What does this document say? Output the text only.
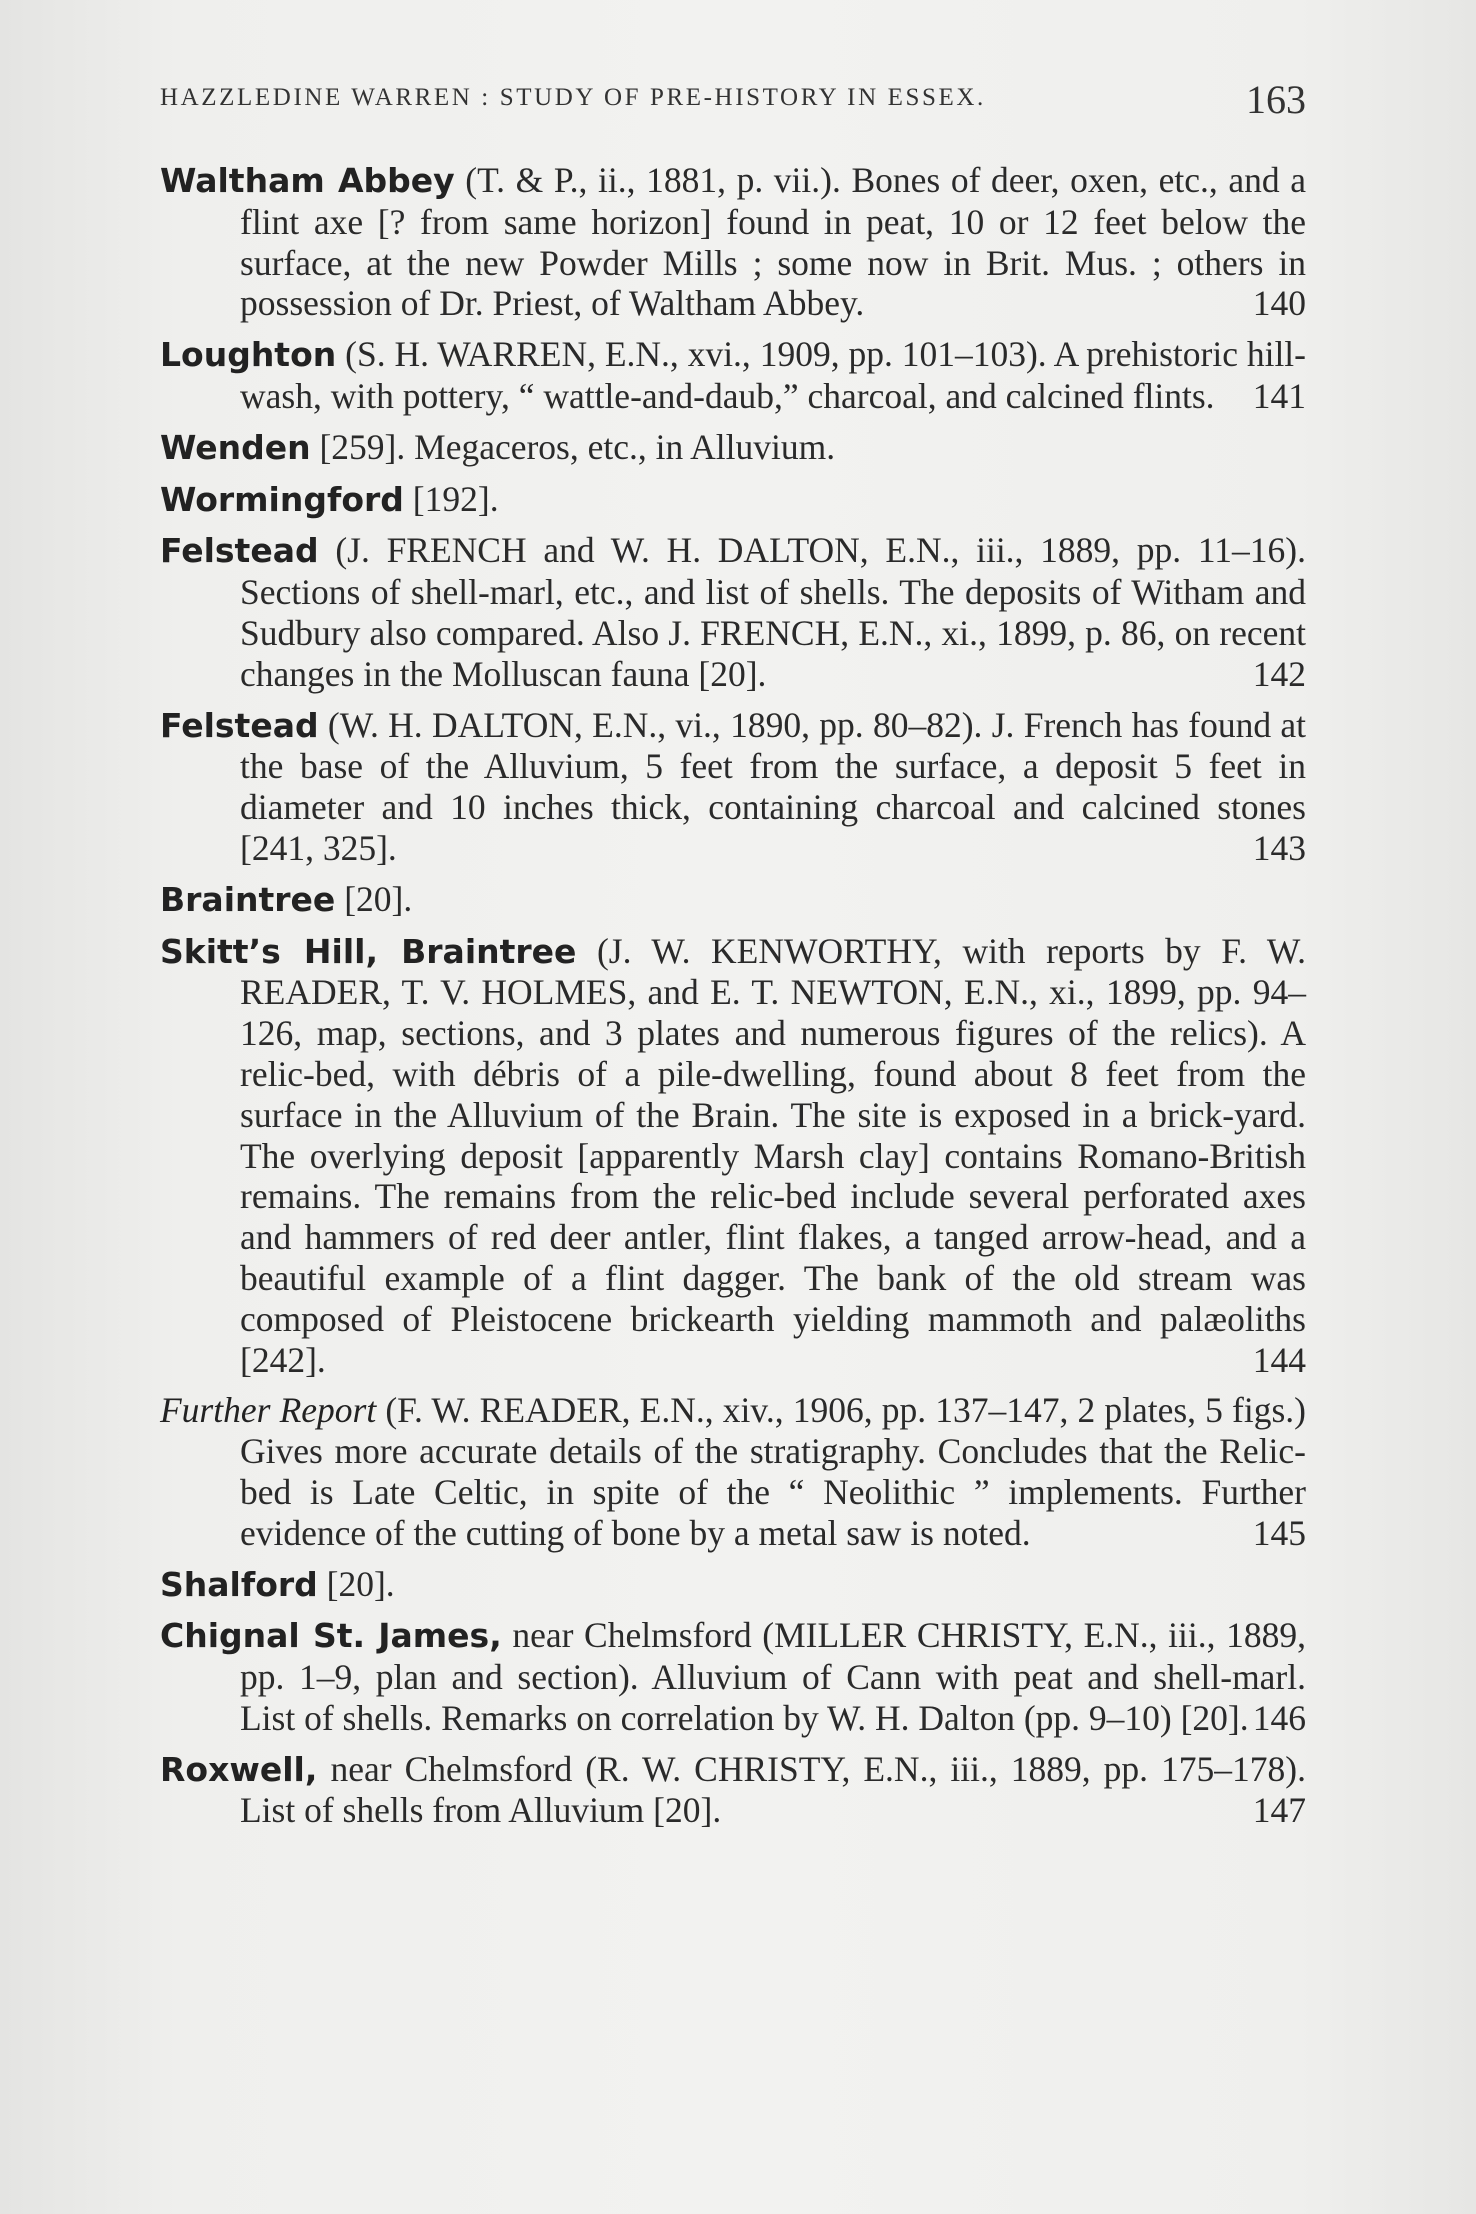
HAZZLEDINE WARREN : STUDY OF PRE-HISTORY IN ESSEX.	163
Waltham Abbey (T. & P., ii., 1881, p. vii.). Bones of deer, oxen, etc., and a flint axe [? from same horizon] found in peat, 10 or 12 feet below the surface, at the new Powder Mills ; some now in Brit. Mus. ; others in possession of Dr. Priest, of Waltham Abbey.	140
Loughton (S. H. WARREN, E.N., xvi., 1909, pp. 101–103). A prehistoric hill-wash, with pottery, “ wattle-and-daub,” charcoal, and calcined flints.	141
Wenden [259]. Megaceros, etc., in Alluvium.
Wormingford [192].
Felstead (J. FRENCH and W. H. DALTON, E.N., iii., 1889, pp. 11–16). Sections of shell-marl, etc., and list of shells. The deposits of Witham and Sudbury also compared. Also J. FRENCH, E.N., xi., 1899, p. 86, on recent changes in the Molluscan fauna [20].	142
Felstead (W. H. DALTON, E.N., vi., 1890, pp. 80–82). J. French has found at the base of the Alluvium, 5 feet from the surface, a deposit 5 feet in diameter and 10 inches thick, containing charcoal and calcined stones [241, 325].	143
Braintree [20].
Skitt’s Hill, Braintree (J. W. KENWORTHY, with reports by F. W. READER, T. V. HOLMES, and E. T. NEWTON, E.N., xi., 1899, pp. 94–126, map, sections, and 3 plates and numerous figures of the relics). A relic-bed, with débris of a pile-dwelling, found about 8 feet from the surface in the Alluvium of the Brain. The site is exposed in a brick-yard. The overlying deposit [apparently Marsh clay] contains Romano-British remains. The remains from the relic-bed include several perforated axes and hammers of red deer antler, flint flakes, a tanged arrow-head, and a beautiful example of a flint dagger. The bank of the old stream was composed of Pleistocene brickearth yielding mammoth and palæoliths [242].	144
Further Report (F. W. READER, E.N., xiv., 1906, pp. 137–147, 2 plates, 5 figs.) Gives more accurate details of the stratigraphy. Concludes that the Relic-bed is Late Celtic, in spite of the “ Neolithic ” implements. Further evidence of the cutting of bone by a metal saw is noted.	145
Shalford [20].
Chignal St. James, near Chelmsford (MILLER CHRISTY, E.N., iii., 1889, pp. 1–9, plan and section). Alluvium of Cann with peat and shell-marl. List of shells. Remarks on correlation by W. H. Dalton (pp. 9–10) [20]. 146
Roxwell, near Chelmsford (R. W. CHRISTY, E.N., iii., 1889, pp. 175–178). List of shells from Alluvium [20].	147
